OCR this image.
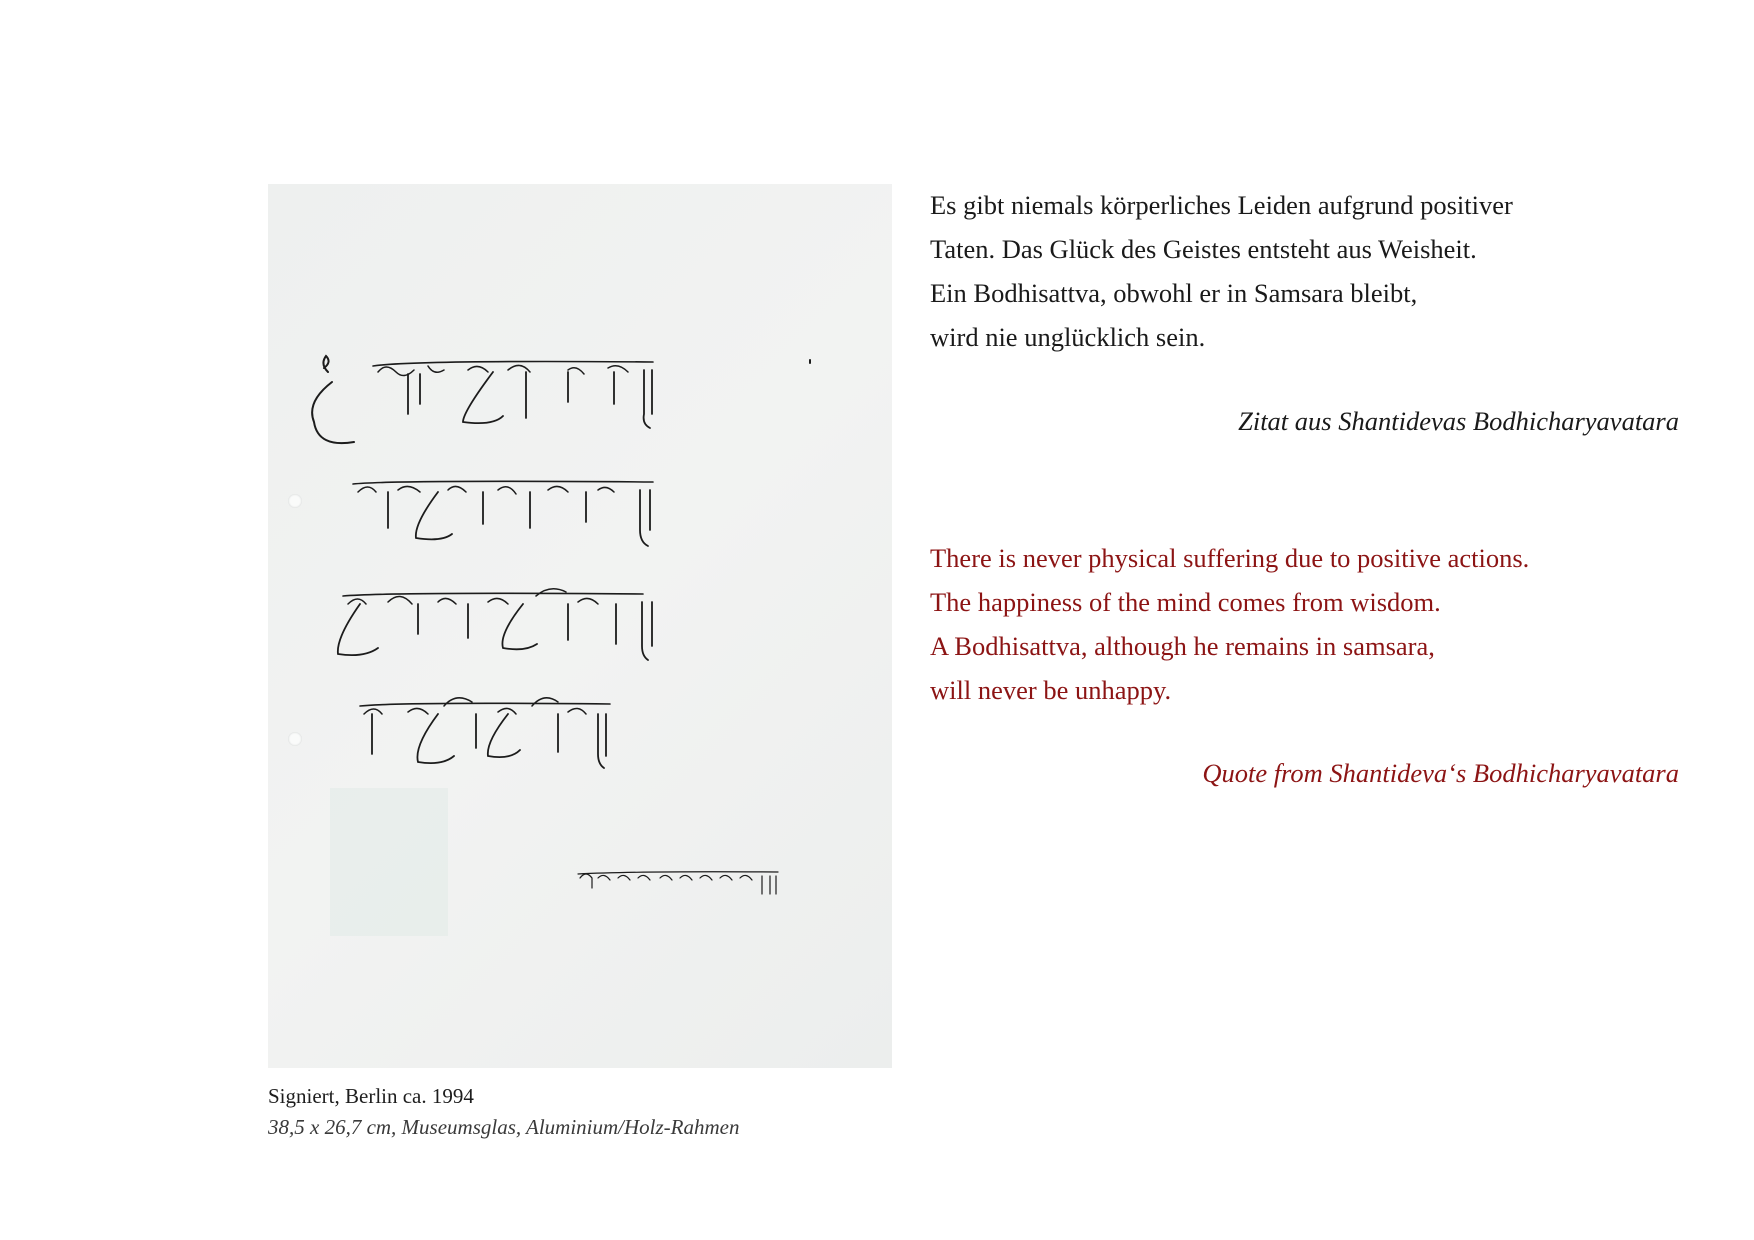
Signiert, Berlin ca. 1994
38,5 x 26,7 cm, Museumsglas, Aluminium/Holz-Rahmen
Es gibt niemals körperliches Leiden aufgrund positiver
Taten. Das Glück des Geistes entsteht aus Weisheit.
Ein Bodhisattva, obwohl er in Samsara bleibt,
wird nie unglücklich sein.
Zitat aus Shantidevas Bodhicharyavatara
There is never physical suffering due to positive actions.
The happiness of the mind comes from wisdom.
A Bodhisattva, although he remains in samsara,
will never be unhappy.
Quote from Shantideva‘s Bodhicharyavatara
